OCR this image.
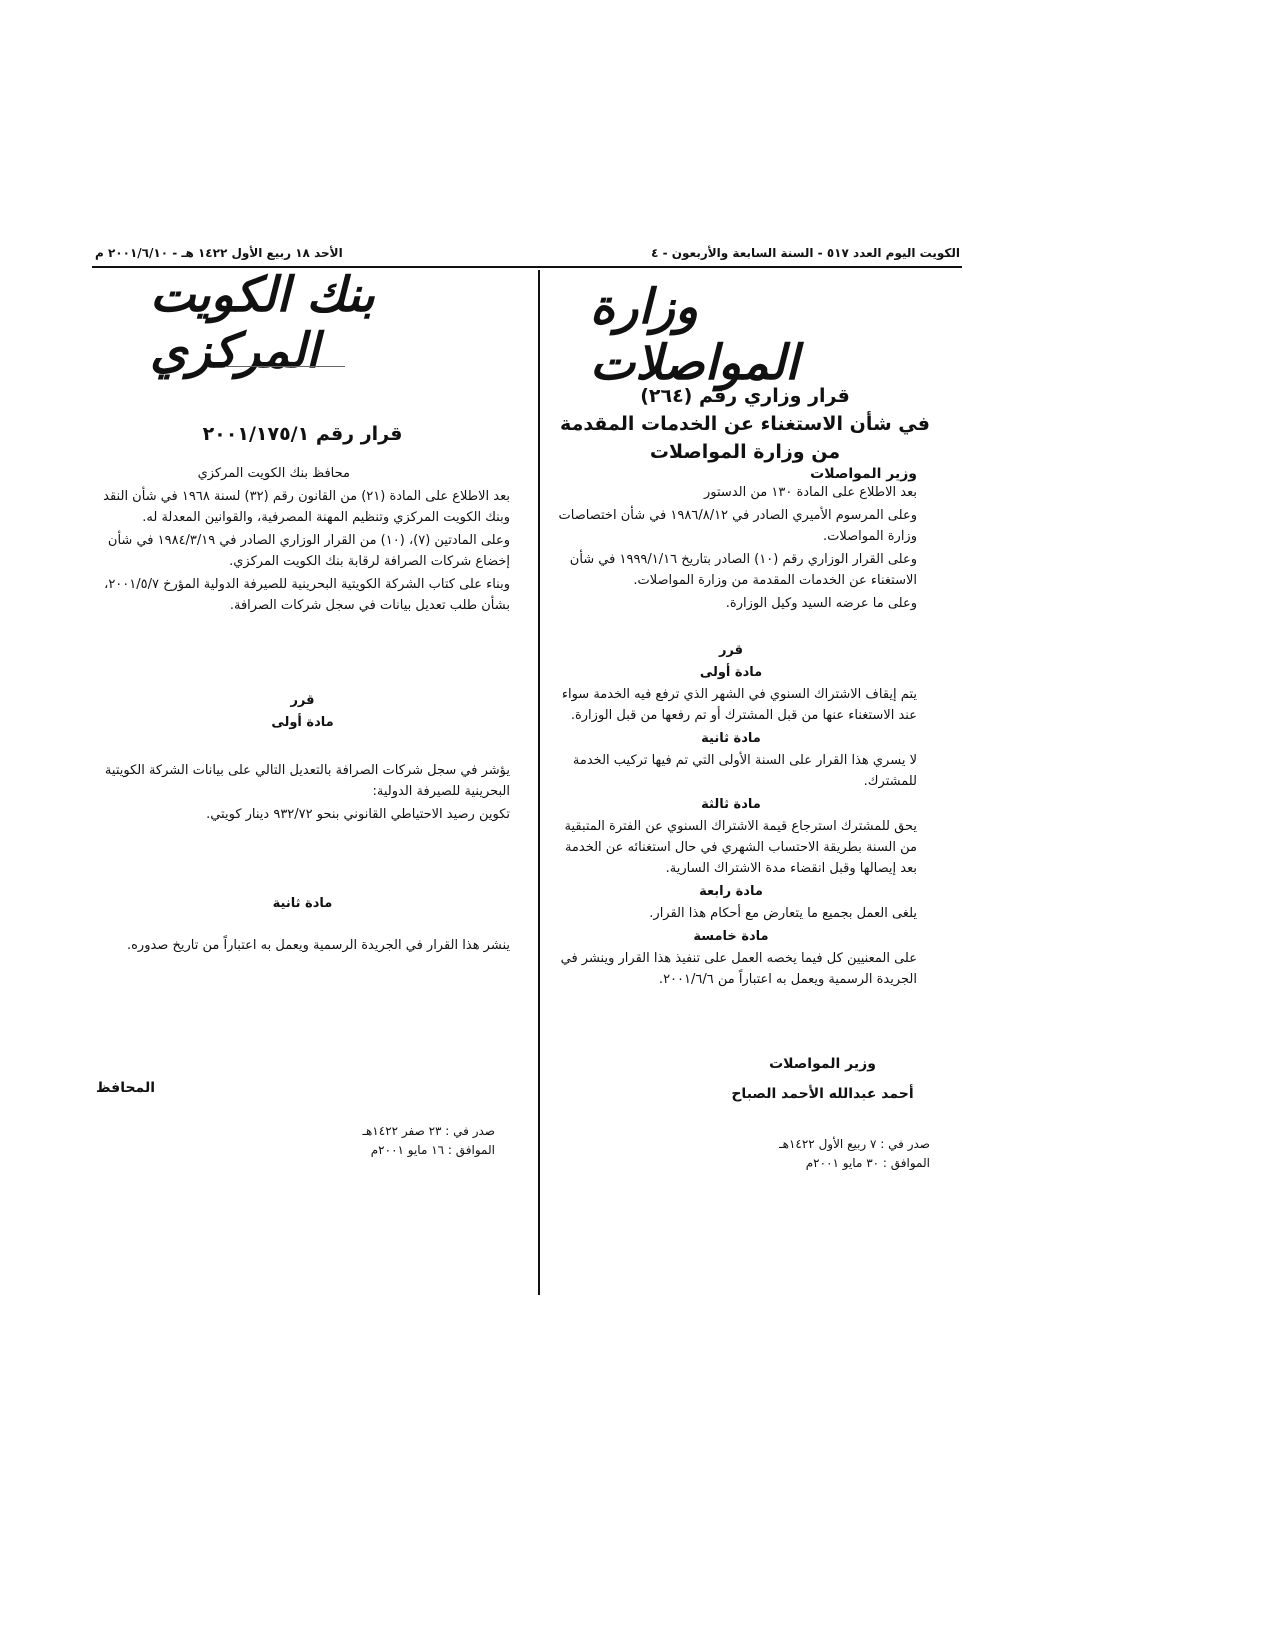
الكويت اليوم العدد ٥١٧ - السنة السابعة والأربعون - ٤
الأحد ١٨ ربيع الأول ١٤٢٢ هـ - ٢٠٠١/٦/١٠ م
وزارة المواصلات
قرار وزاري رقم (٢٦٤)
في شأن الاستغناء عن الخدمات المقدمة
من وزارة المواصلات
وزير المواصلات

بعد الاطلاع على المادة ١٣٠ من الدستور

وعلى المرسوم الأميري الصادر في ١٩٨٦/٨/١٢ في شأن اختصاصات وزارة المواصلات.

وعلى القرار الوزاري رقم (١٠) الصادر بتاريخ ١٩٩٩/١/١٦ في شأن الاستغناء عن الخدمات المقدمة من وزارة المواصلات.

وعلى ما عرضه السيد وكيل الوزارة.

قرر
مادة أولى

يتم إيقاف الاشتراك السنوي في الشهر الذي ترفع فيه الخدمة سواء عند الاستغناء عنها من قبل المشترك أو تم رفعها من قبل الوزارة.

مادة ثانية

لا يسري هذا القرار على السنة الأولى التي تم فيها تركيب الخدمة للمشترك.

مادة ثالثة

يحق للمشترك استرجاع قيمة الاشتراك السنوي عن الفترة المتبقية من السنة بطريقة الاحتساب الشهري في حال استغنائه عن الخدمة بعد إيصالها وقبل انقضاء مدة الاشتراك السارية.

مادة رابعة

يلغى العمل بجميع ما يتعارض مع أحكام هذا القرار.

مادة خامسة

على المعنيين كل فيما يخصه العمل على تنفيذ هذا القرار وينشر في الجريدة الرسمية ويعمل به اعتباراً من ٢٠٠١/٦/٦.

وزير المواصلات
أحمد عبدالله الأحمد الصباح
صدر في : ٧ ربيع الأول ١٤٢٢هـ
الموافق : ٣٠ مايو ٢٠٠١م
بنك الكويت المركزي
قرار رقم ٢٠٠١/١٧٥/١
محافظ بنك الكويت المركزي

بعد الاطلاع على المادة (٢١) من القانون رقم (٣٢) لسنة ١٩٦٨ في شأن النقد وبنك الكويت المركزي وتنظيم المهنة المصرفية، والقوانين المعدلة له.

وعلى المادتين (٧)، (١٠) من القرار الوزاري الصادر في ١٩٨٤/٣/١٩ في شأن إخضاع شركات الصرافة لرقابة بنك الكويت المركزي.

وبناء على كتاب الشركة الكويتية البحرينية للصيرفة الدولية المؤرخ ٢٠٠١/٥/٧، بشأن طلب تعديل بيانات في سجل شركات الصرافة.

قرر
مادة أولى

يؤشر في سجل شركات الصرافة بالتعديل التالي على بيانات الشركة الكويتية البحرينية للصيرفة الدولية:

تكوين رصيد الاحتياطي القانوني بنحو ٩٣٢/٧٢ دينار كويتي.

مادة ثانية

ينشر هذا القرار في الجريدة الرسمية ويعمل به اعتباراً من تاريخ صدوره.

المحافظ
صدر في : ٢٣ صفر ١٤٢٢هـ
الموافق : ١٦ مايو ٢٠٠١م
